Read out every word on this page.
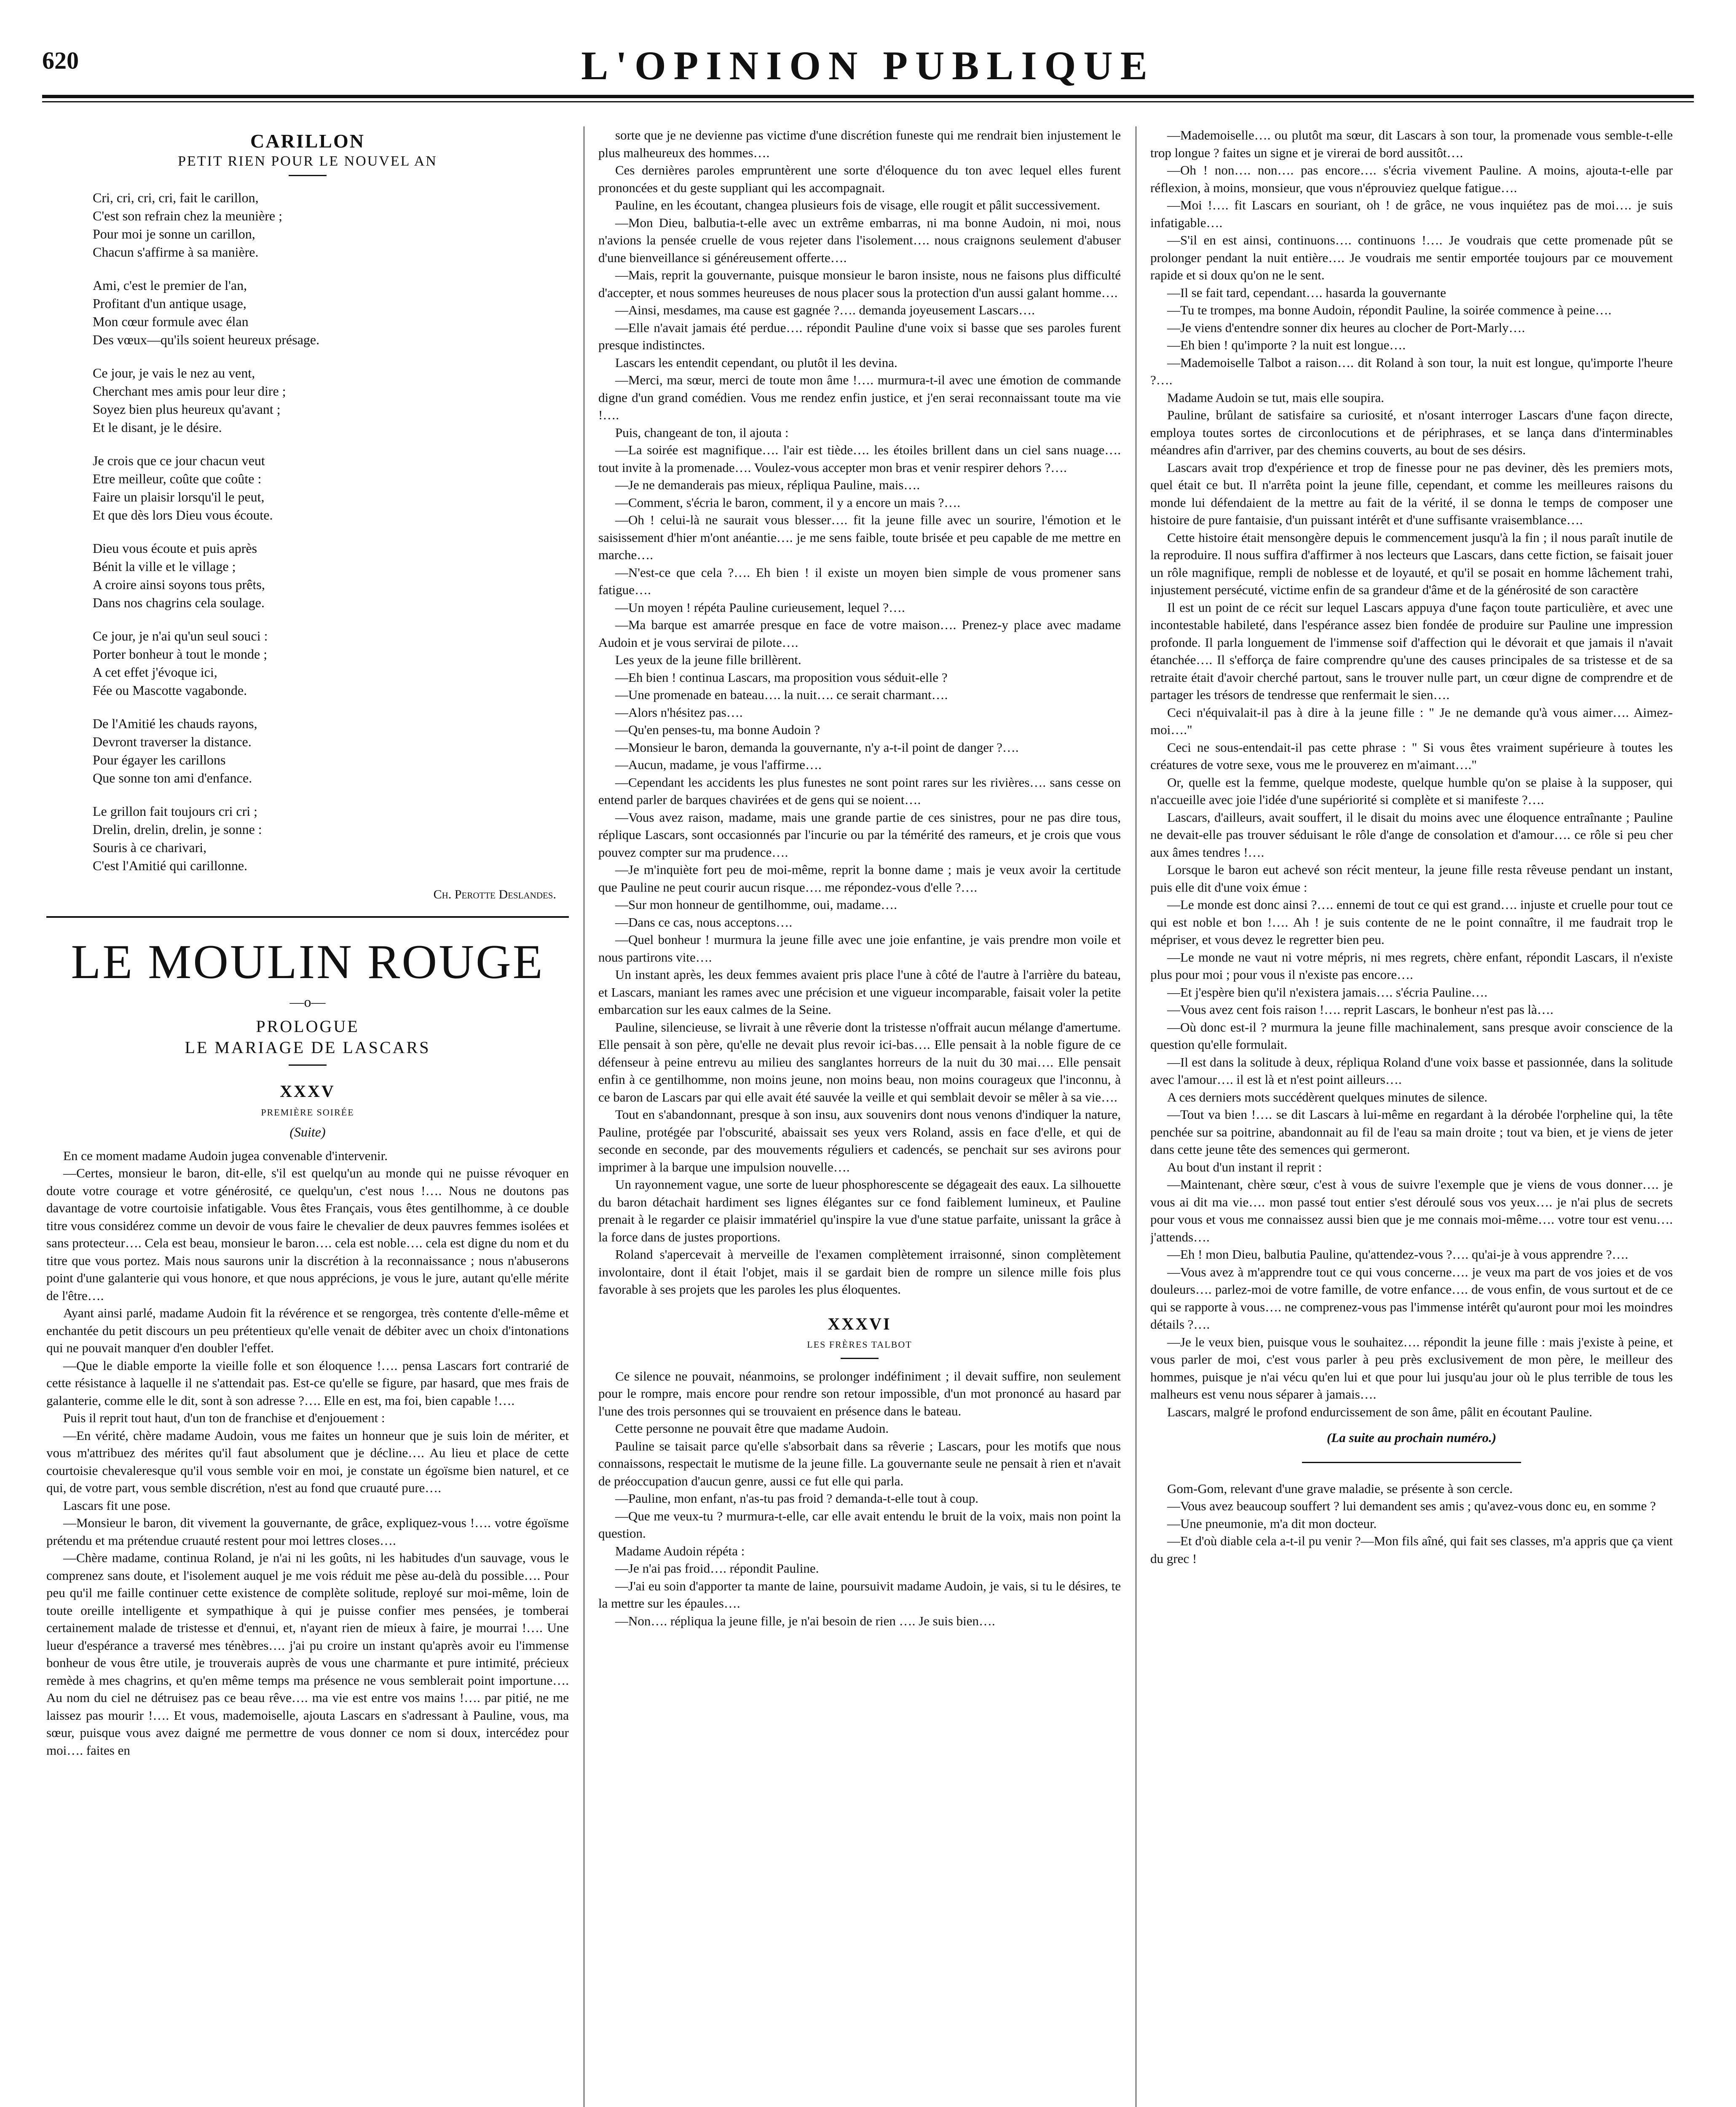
620	L'OPINION PUBLIQUE
CARILLON
PETIT RIEN POUR LE NOUVEL AN
Cri, cri, cri, cri, fait le carillon,
C'est son refrain chez la meunière ;
Pour moi je sonne un carillon,
Chacun s'affirme à sa manière.
Ami, c'est le premier de l'an,
Profitant d'un antique usage,
Mon cœur formule avec élan
Des vœux—qu'ils soient heureux présage.
Ce jour, je vais le nez au vent,
Cherchant mes amis pour leur dire ;
Soyez bien plus heureux qu'avant ;
Et le disant, je le désire.
Je crois que ce jour chacun veut
Etre meilleur, coûte que coûte :
Faire un plaisir lorsqu'il le peut,
Et que dès lors Dieu vous écoute.
Dieu vous écoute et puis après
Bénit la ville et le village ;
A croire ainsi soyons tous prêts,
Dans nos chagrins cela soulage.
Ce jour, je n'ai qu'un seul souci :
Porter bonheur à tout le monde ;
A cet effet j'évoque ici,
Fée ou Mascotte vagabonde.
De l'Amitié les chauds rayons,
Devront traverser la distance.
Pour égayer les carillons
Que sonne ton ami d'enfance.
Le grillon fait toujours cri cri ;
Drelin, drelin, drelin, je sonne :
Souris à ce charivari,
C'est l'Amitié qui carillonne.
Ch. Perotte Deslandes.
LE MOULIN ROUGE
—o—
PROLOGUE
LE MARIAGE DE LASCARS
XXXV
PREMIÈRE SOIRÉE
(Suite)

En ce moment madame Audoin jugea convenable d'intervenir.

—Certes, monsieur le baron, dit-elle, s'il est quelqu'un au monde qui ne puisse révoquer en doute votre courage et votre générosité, ce quelqu'un, c'est nous !…. Nous ne doutons pas davantage de votre courtoisie infatigable. Vous êtes Français, vous êtes gentilhomme, à ce double titre vous considérez comme un devoir de vous faire le chevalier de deux pauvres femmes isolées et sans protecteur…. Cela est beau, monsieur le baron…. cela est noble…. cela est digne du nom et du titre que vous portez. Mais nous saurons unir la discrétion à la reconnaissance ; nous n'abuserons point d'une galanterie qui vous honore, et que nous apprécions, je vous le jure, autant qu'elle mérite de l'être….

Ayant ainsi parlé, madame Audoin fit la révérence et se rengorgea, très contente d'elle-même et enchantée du petit discours un peu prétentieux qu'elle venait de débiter avec un choix d'intonations qui ne pouvait manquer d'en doubler l'effet.

—Que le diable emporte la vieille folle et son éloquence !…. pensa Lascars fort contrarié de cette résistance à laquelle il ne s'attendait pas. Est-ce qu'elle se figure, par hasard, que mes frais de galanterie, comme elle le dit, sont à son adresse ?…. Elle en est, ma foi, bien capable !….

Puis il reprit tout haut, d'un ton de franchise et d'enjouement :

—En vérité, chère madame Audoin, vous me faites un honneur que je suis loin de mériter, et vous m'attribuez des mérites qu'il faut absolument que je décline…. Au lieu et place de cette courtoisie chevaleresque qu'il vous semble voir en moi, je constate un égoïsme bien naturel, et ce qui, de votre part, vous semble discrétion, n'est au fond que cruauté pure….

Lascars fit une pose.

—Monsieur le baron, dit vivement la gouvernante, de grâce, expliquez-vous !…. votre égoïsme prétendu et ma prétendue cruauté restent pour moi lettres closes….

—Chère madame, continua Roland, je n'ai ni les goûts, ni les habitudes d'un sauvage, vous le comprenez sans doute, et l'isolement auquel je me vois réduit me pèse au-delà du possible…. Pour peu qu'il me faille continuer cette existence de complète solitude, reployé sur moi-même, loin de toute oreille intelligente et sympathique à qui je puisse confier mes pensées, je tomberai certainement malade de tristesse et d'ennui, et, n'ayant rien de mieux à faire, je mourrai !…. Une lueur d'espérance a traversé mes ténèbres…. j'ai pu croire un instant qu'après avoir eu l'immense bonheur de vous être utile, je trouverais auprès de vous une charmante et pure intimité, précieux remède à mes chagrins, et qu'en même temps ma présence ne vous semblerait point importune…. Au nom du ciel ne détruisez pas ce beau rêve…. ma vie est entre vos mains !…. par pitié, ne me laissez pas mourir !…. Et vous, mademoiselle, ajouta Lascars en s'adressant à Pauline, vous, ma sœur, puisque vous avez daigné me permettre de vous donner ce nom si doux, intercédez pour moi…. faites en

sorte que je ne devienne pas victime d'une discrétion funeste qui me rendrait bien injustement le plus malheureux des hommes….

Ces dernières paroles empruntèrent une sorte d'éloquence du ton avec lequel elles furent prononcées et du geste suppliant qui les accompagnait.

Pauline, en les écoutant, changea plusieurs fois de visage, elle rougit et pâlit successivement.

—Mon Dieu, balbutia-t-elle avec un extrême embarras, ni ma bonne Audoin, ni moi, nous n'avions la pensée cruelle de vous rejeter dans l'isolement…. nous craignons seulement d'abuser d'une bienveillance si généreusement offerte….

—Mais, reprit la gouvernante, puisque monsieur le baron insiste, nous ne faisons plus difficulté d'accepter, et nous sommes heureuses de nous placer sous la protection d'un aussi galant homme….

—Ainsi, mesdames, ma cause est gagnée ?…. demanda joyeusement Lascars….

—Elle n'avait jamais été perdue…. répondit Pauline d'une voix si basse que ses paroles furent presque indistinctes.

Lascars les entendit cependant, ou plutôt il les devina.

—Merci, ma sœur, merci de toute mon âme !…. murmura-t-il avec une émotion de commande digne d'un grand comédien. Vous me rendez enfin justice, et j'en serai reconnaissant toute ma vie !….

Puis, changeant de ton, il ajouta :

—La soirée est magnifique…. l'air est tiède…. les étoiles brillent dans un ciel sans nuage…. tout invite à la promenade…. Voulez-vous accepter mon bras et venir respirer dehors ?….

—Je ne demanderais pas mieux, répliqua Pauline, mais….

—Comment, s'écria le baron, comment, il y a encore un mais ?….

—Oh ! celui-là ne saurait vous blesser…. fit la jeune fille avec un sourire, l'émotion et le saisissement d'hier m'ont anéantie…. je me sens faible, toute brisée et peu capable de me mettre en marche….

—N'est-ce que cela ?…. Eh bien ! il existe un moyen bien simple de vous promener sans fatigue….

—Un moyen ! répéta Pauline curieusement, lequel ?….

—Ma barque est amarrée presque en face de votre maison…. Prenez-y place avec madame Audoin et je vous servirai de pilote….

Les yeux de la jeune fille brillèrent.

—Eh bien ! continua Lascars, ma proposition vous séduit-elle ?

—Une promenade en bateau…. la nuit…. ce serait charmant….

—Alors n'hésitez pas….

—Qu'en penses-tu, ma bonne Audoin ?

—Monsieur le baron, demanda la gouvernante, n'y a-t-il point de danger ?….

—Aucun, madame, je vous l'affirme….

—Cependant les accidents les plus funestes ne sont point rares sur les rivières…. sans cesse on entend parler de barques chavirées et de gens qui se noient….

—Vous avez raison, madame, mais une grande partie de ces sinistres, pour ne pas dire tous, réplique Lascars, sont occasionnés par l'incurie ou par la témérité des rameurs, et je crois que vous pouvez compter sur ma prudence….

—Je m'inquiète fort peu de moi-même, reprit la bonne dame ; mais je veux avoir la certitude que Pauline ne peut courir aucun risque…. me répondez-vous d'elle ?….

—Sur mon honneur de gentilhomme, oui, madame….

—Dans ce cas, nous acceptons….

—Quel bonheur ! murmura la jeune fille avec une joie enfantine, je vais prendre mon voile et nous partirons vite….

Un instant après, les deux femmes avaient pris place l'une à côté de l'autre à l'arrière du bateau, et Lascars, maniant les rames avec une précision et une vigueur incomparable, faisait voler la petite embarcation sur les eaux calmes de la Seine.

Pauline, silencieuse, se livrait à une rêverie dont la tristesse n'offrait aucun mélange d'amertume. Elle pensait à son père, qu'elle ne devait plus revoir ici-bas…. Elle pensait à la noble figure de ce défenseur à peine entrevu au milieu des sanglantes horreurs de la nuit du 30 mai…. Elle pensait enfin à ce gentilhomme, non moins jeune, non moins beau, non moins courageux que l'inconnu, à ce baron de Lascars par qui elle avait été sauvée la veille et qui semblait devoir se mêler à sa vie….

Tout en s'abandonnant, presque à son insu, aux souvenirs dont nous venons d'indiquer la nature, Pauline, protégée par l'obscurité, abaissait ses yeux vers Roland, assis en face d'elle, et qui de seconde en seconde, par des mouvements réguliers et cadencés, se penchait sur ses avirons pour imprimer à la barque une impulsion nouvelle….

Un rayonnement vague, une sorte de lueur phosphorescente se dégageait des eaux. La silhouette du baron détachait hardiment ses lignes élégantes sur ce fond faiblement lumineux, et Pauline prenait à le regarder ce plaisir immatériel qu'inspire la vue d'une statue parfaite, unissant la grâce à la force dans de justes proportions.

Roland s'apercevait à merveille de l'examen complètement irraisonné, sinon complètement involontaire, dont il était l'objet, mais il se gardait bien de rompre un silence mille fois plus favorable à ses projets que les paroles les plus éloquentes.

XXXVI
LES FRÈRES TALBOT

Ce silence ne pouvait, néanmoins, se prolonger indéfiniment ; il devait suffire, non seulement pour le rompre, mais encore pour rendre son retour impossible, d'un mot prononcé au hasard par l'une des trois personnes qui se trouvaient en présence dans le bateau.

Cette personne ne pouvait être que madame Audoin.

Pauline se taisait parce qu'elle s'absorbait dans sa rêverie ; Lascars, pour les motifs que nous connaissons, respectait le mutisme de la jeune fille. La gouvernante seule ne pensait à rien et n'avait de préoccupation d'aucun genre, aussi ce fut elle qui parla.

—Pauline, mon enfant, n'as-tu pas froid ? demanda-t-elle tout à coup.

—Que me veux-tu ? murmura-t-elle, car elle avait entendu le bruit de la voix, mais non point la question.

Madame Audoin répéta :

—Je n'ai pas froid…. répondit Pauline.

—J'ai eu soin d'apporter ta mante de laine, poursuivit madame Audoin, je vais, si tu le désires, te la mettre sur les épaules….

—Non…. répliqua la jeune fille, je n'ai besoin de rien …. Je suis bien….

—Mademoiselle…. ou plutôt ma sœur, dit Lascars à son tour, la promenade vous semble-t-elle trop longue ? faites un signe et je virerai de bord aussitôt….

—Oh ! non…. non…. pas encore…. s'écria vivement Pauline. A moins, ajouta-t-elle par réflexion, à moins, monsieur, que vous n'éprouviez quelque fatigue….

—Moi !…. fit Lascars en souriant, oh ! de grâce, ne vous inquiétez pas de moi…. je suis infatigable….

—S'il en est ainsi, continuons…. continuons !…. Je voudrais que cette promenade pût se prolonger pendant la nuit entière…. Je voudrais me sentir emportée toujours par ce mouvement rapide et si doux qu'on ne le sent.

—Il se fait tard, cependant…. hasarda la gouvernante

—Tu te trompes, ma bonne Audoin, répondit Pauline, la soirée commence à peine….

—Je viens d'entendre sonner dix heures au clocher de Port-Marly….

—Eh bien ! qu'importe ? la nuit est longue….

—Mademoiselle Talbot a raison…. dit Roland à son tour, la nuit est longue, qu'importe l'heure ?….

Madame Audoin se tut, mais elle soupira.

Pauline, brûlant de satisfaire sa curiosité, et n'osant interroger Lascars d'une façon directe, employa toutes sortes de circonlocutions et de périphrases, et se lança dans d'interminables méandres afin d'arriver, par des chemins couverts, au bout de ses désirs.

Lascars avait trop d'expérience et trop de finesse pour ne pas deviner, dès les premiers mots, quel était ce but. Il n'arrêta point la jeune fille, cependant, et comme les meilleures raisons du monde lui défendaient de la mettre au fait de la vérité, il se donna le temps de composer une histoire de pure fantaisie, d'un puissant intérêt et d'une suffisante vraisemblance….

Cette histoire était mensongère depuis le commencement jusqu'à la fin ; il nous paraît inutile de la reproduire. Il nous suffira d'affirmer à nos lecteurs que Lascars, dans cette fiction, se faisait jouer un rôle magnifique, rempli de noblesse et de loyauté, et qu'il se posait en homme lâchement trahi, injustement persécuté, victime enfin de sa grandeur d'âme et de la générosité de son caractère

Il est un point de ce récit sur lequel Lascars appuya d'une façon toute particulière, et avec une incontestable habileté, dans l'espérance assez bien fondée de produire sur Pauline une impression profonde. Il parla longuement de l'immense soif d'affection qui le dévorait et que jamais il n'avait étanchée…. Il s'efforça de faire comprendre qu'une des causes principales de sa tristesse et de sa retraite était d'avoir cherché partout, sans le trouver nulle part, un cœur digne de comprendre et de partager les trésors de tendresse que renfermait le sien….

Ceci n'équivalait-il pas à dire à la jeune fille : " Je ne demande qu'à vous aimer…. Aimez-moi…."

Ceci ne sous-entendait-il pas cette phrase : " Si vous êtes vraiment supérieure à toutes les créatures de votre sexe, vous me le prouverez en m'aimant…."

Or, quelle est la femme, quelque modeste, quelque humble qu'on se plaise à la supposer, qui n'accueille avec joie l'idée d'une supériorité si complète et si manifeste ?….

Lascars, d'ailleurs, avait souffert, il le disait du moins avec une éloquence entraînante ; Pauline ne devait-elle pas trouver séduisant le rôle d'ange de consolation et d'amour…. ce rôle si peu cher aux âmes tendres !….

Lorsque le baron eut achevé son récit menteur, la jeune fille resta rêveuse pendant un instant, puis elle dit d'une voix émue :

—Le monde est donc ainsi ?…. ennemi de tout ce qui est grand…. injuste et cruelle pour tout ce qui est noble et bon !…. Ah ! je suis contente de ne le point connaître, il me faudrait trop le mépriser, et vous devez le regretter bien peu.

—Le monde ne vaut ni votre mépris, ni mes regrets, chère enfant, répondit Lascars, il n'existe plus pour moi ; pour vous il n'existe pas encore….

—Et j'espère bien qu'il n'existera jamais…. s'écria Pauline….

—Vous avez cent fois raison !…. reprit Lascars, le bonheur n'est pas là….

—Où donc est-il ? murmura la jeune fille machinalement, sans presque avoir conscience de la question qu'elle formulait.

—Il est dans la solitude à deux, répliqua Roland d'une voix basse et passionnée, dans la solitude avec l'amour…. il est là et n'est point ailleurs….

A ces derniers mots succédèrent quelques minutes de silence.

—Tout va bien !…. se dit Lascars à lui-même en regardant à la dérobée l'orpheline qui, la tête penchée sur sa poitrine, abandonnait au fil de l'eau sa main droite ; tout va bien, et je viens de jeter dans cette jeune tête des semences qui germeront.

Au bout d'un instant il reprit :

—Maintenant, chère sœur, c'est à vous de suivre l'exemple que je viens de vous donner…. je vous ai dit ma vie…. mon passé tout entier s'est déroulé sous vos yeux…. je n'ai plus de secrets pour vous et vous me connaissez aussi bien que je me connais moi-même…. votre tour est venu…. j'attends….

—Eh ! mon Dieu, balbutia Pauline, qu'attendez-vous ?…. qu'ai-je à vous apprendre ?….

—Vous avez à m'apprendre tout ce qui vous concerne…. je veux ma part de vos joies et de vos douleurs…. parlez-moi de votre famille, de votre enfance…. de vous enfin, de vous surtout et de ce qui se rapporte à vous…. ne comprenez-vous pas l'immense intérêt qu'auront pour moi les moindres détails ?….

—Je le veux bien, puisque vous le souhaitez…. répondit la jeune fille : mais j'existe à peine, et vous parler de moi, c'est vous parler à peu près exclusivement de mon père, le meilleur des hommes, puisque je n'ai vécu qu'en lui et que pour lui jusqu'au jour où le plus terrible de tous les malheurs est venu nous séparer à jamais….

Lascars, malgré le profond endurcissement de son âme, pâlit en écoutant Pauline.

(La suite au prochain numéro.)

Gom-Gom, relevant d'une grave maladie, se présente à son cercle.

—Vous avez beaucoup souffert ? lui demandent ses amis ; qu'avez-vous donc eu, en somme ?

—Une pneumonie, m'a dit mon docteur.

—Et d'où diable cela a-t-il pu venir ?—Mon fils aîné, qui fait ses classes, m'a appris que ça vient du grec !
